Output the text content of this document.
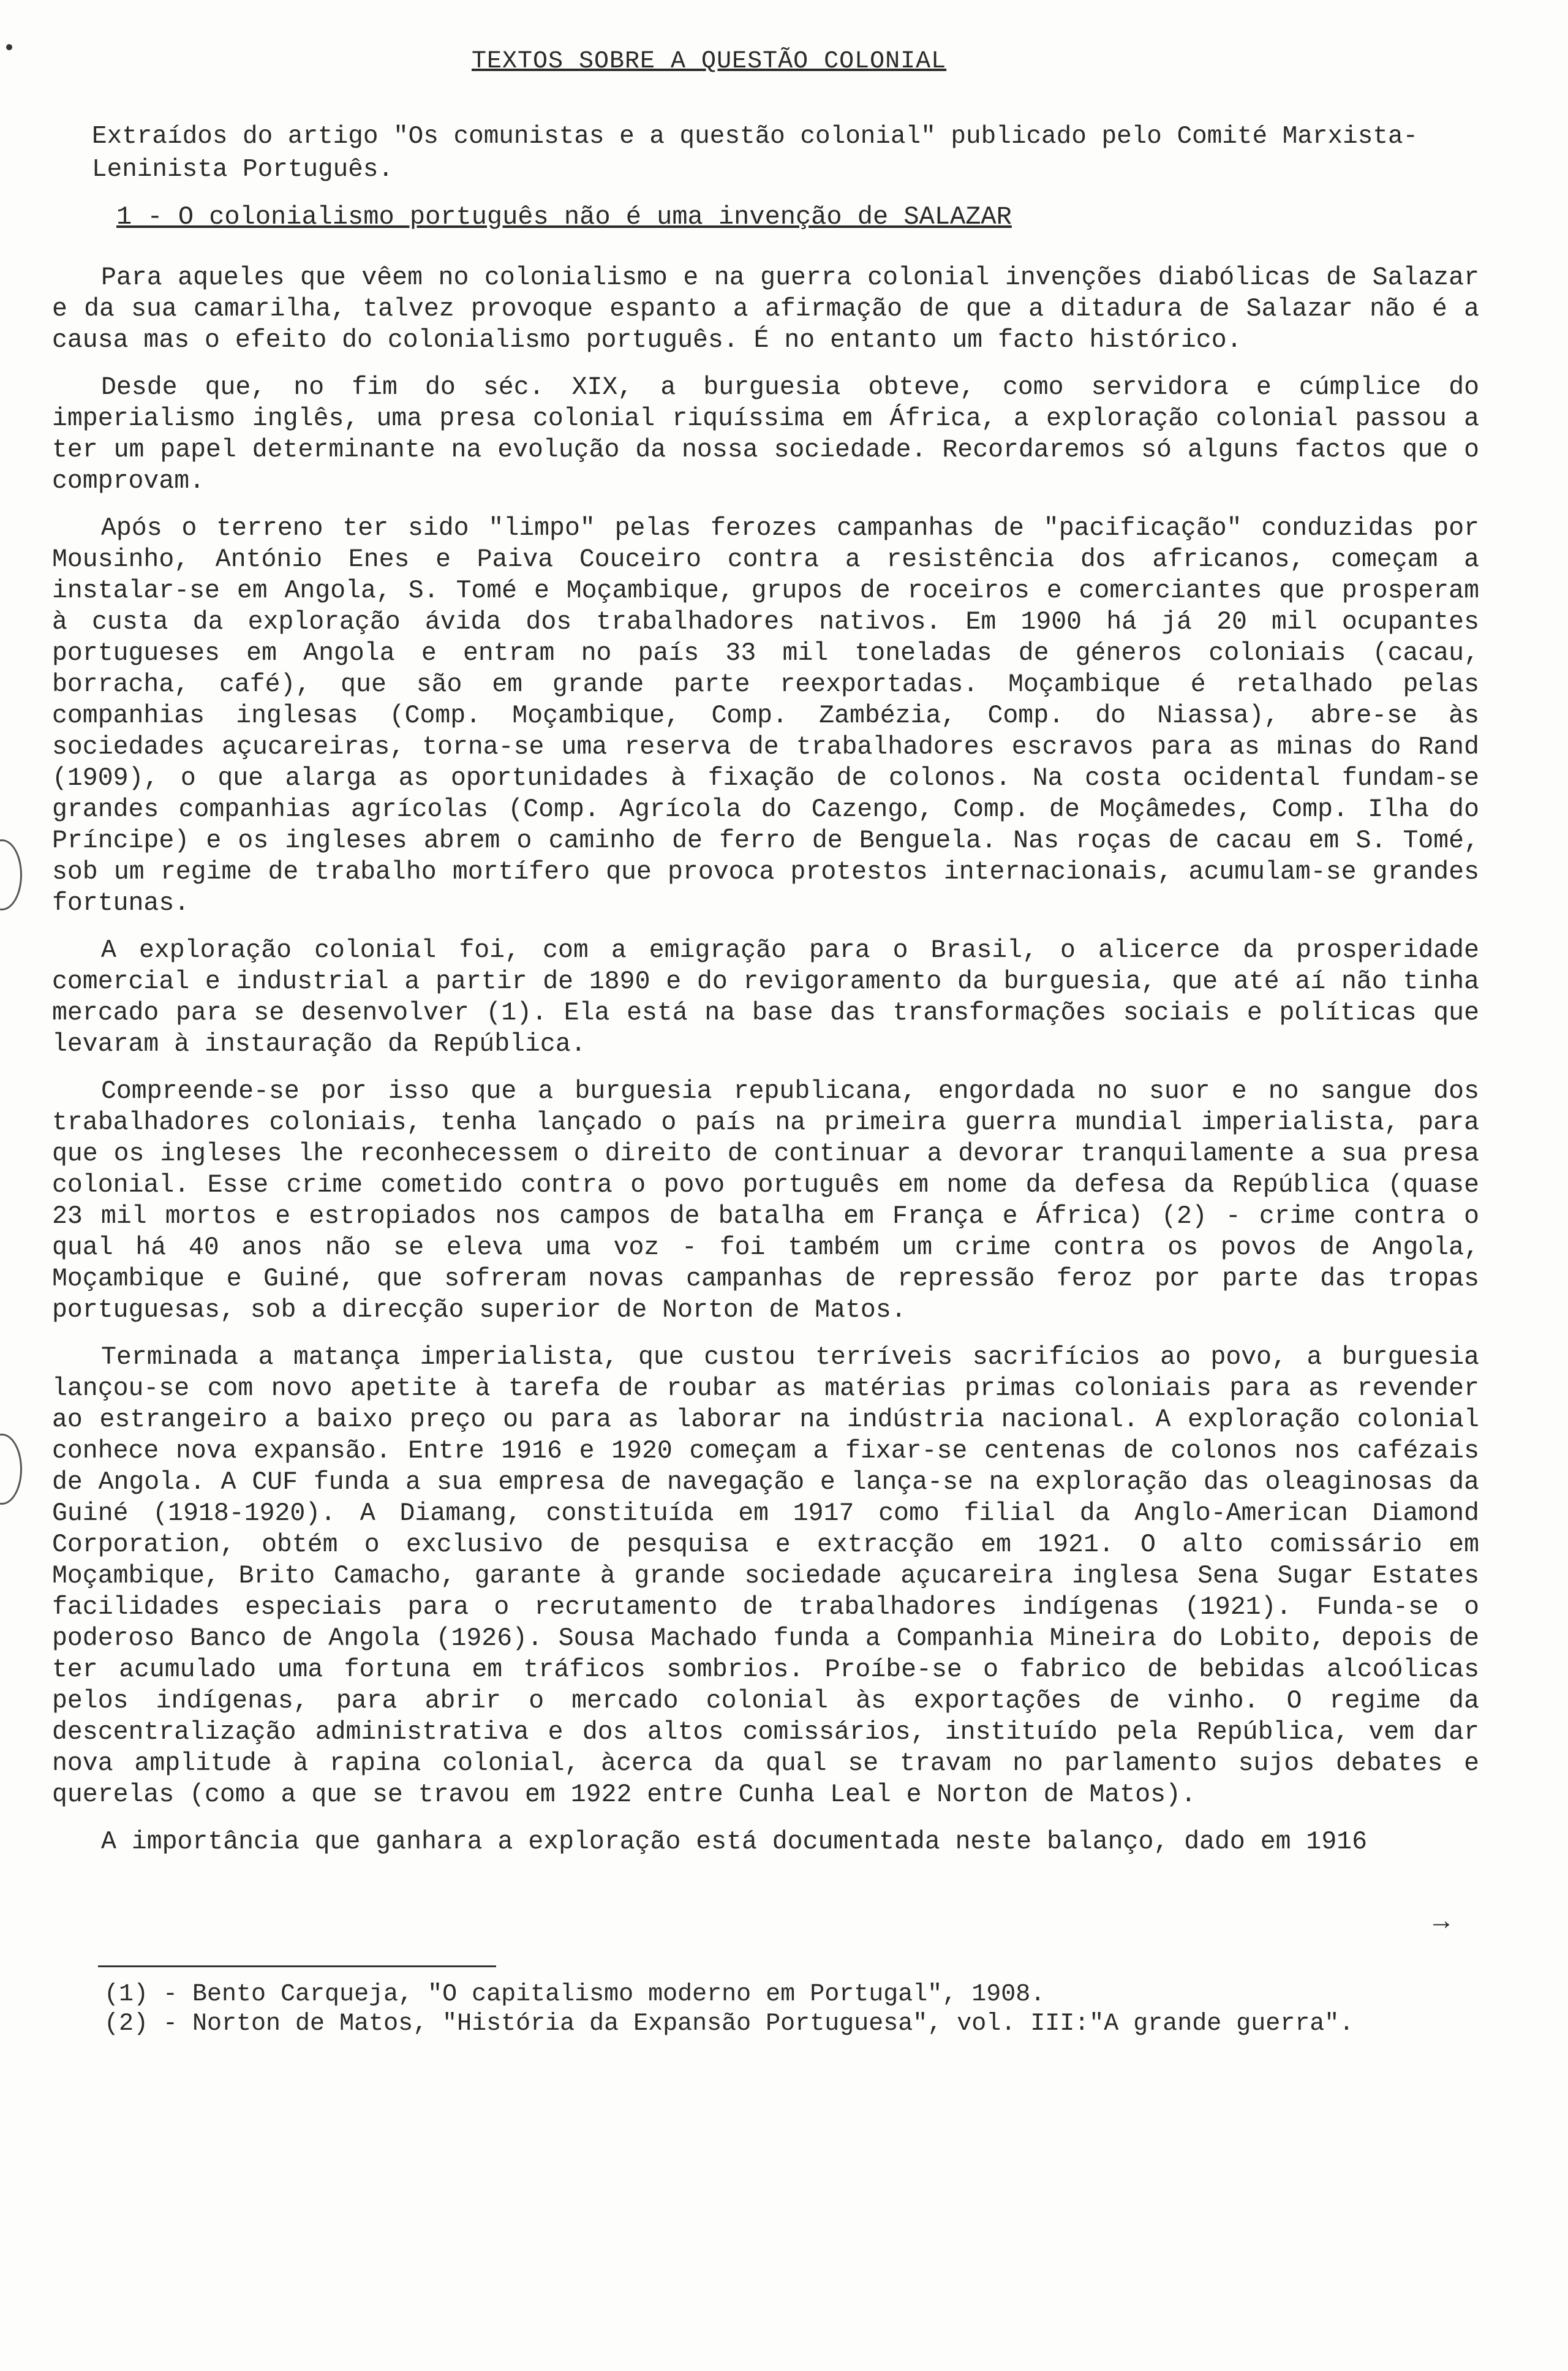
TEXTOS SOBRE A QUESTÃO COLONIAL
Extraídos do artigo "Os comunistas e a questão colonial" publicado pelo Comité Marxista-Leninista Português.
1 - O colonialismo português não é uma invenção de SALAZAR

Para aqueles que vêem no colonialismo e na guerra colonial invenções diabólicas de Salazar e da sua camarilha, talvez provoque espanto a afirmação de que a ditadura de Salazar não é a causa mas o efeito do colonialismo português. É no entanto um facto histórico.

Desde que, no fim do séc. XIX, a burguesia obteve, como servidora e cúmplice do imperialismo inglês, uma presa colonial riquíssima em África, a exploração colonial passou a ter um papel determinante na evolução da nossa sociedade. Recordaremos só alguns factos que o comprovam.

Após o terreno ter sido "limpo" pelas ferozes campanhas de "pacificação" conduzidas por Mousinho, António Enes e Paiva Couceiro contra a resistência dos africanos, começam a instalar-se em Angola, S. Tomé e Moçambique, grupos de roceiros e comerciantes que prosperam à custa da exploração ávida dos trabalhadores nativos. Em 1900 há já 20 mil ocupantes portugueses em Angola e entram no país 33 mil toneladas de géneros coloniais (cacau, borracha, café), que são em grande parte reexportadas. Moçambique é retalhado pelas companhias inglesas (Comp. Moçambique, Comp. Zambézia, Comp. do Niassa), abre-se às sociedades açucareiras, torna-se uma reserva de trabalhadores escravos para as minas do Rand (1909), o que alarga as oportunidades à fixação de colonos. Na costa ocidental fundam-se grandes companhias agrícolas (Comp. Agrícola do Cazengo, Comp. de Moçâmedes, Comp. Ilha do Príncipe) e os ingleses abrem o caminho de ferro de Benguela. Nas roças de cacau em S. Tomé, sob um regime de trabalho mortífero que provoca protestos internacionais, acumulam-se grandes fortunas.

A exploração colonial foi, com a emigração para o Brasil, o alicerce da prosperidade comercial e industrial a partir de 1890 e do revigoramento da burguesia, que até aí não tinha mercado para se desenvolver (1). Ela está na base das transformações sociais e políticas que levaram à instauração da República.

Compreende-se por isso que a burguesia republicana, engordada no suor e no sangue dos trabalhadores coloniais, tenha lançado o país na primeira guerra mundial imperialista, para que os ingleses lhe reconhecessem o direito de continuar a devorar tranquilamente a sua presa colonial. Esse crime cometido contra o povo português em nome da defesa da República (quase 23 mil mortos e estropiados nos campos de batalha em França e África) (2) - crime contra o qual há 40 anos não se eleva uma voz - foi também um crime contra os povos de Angola, Moçambique e Guiné, que sofreram novas campanhas de repressão feroz por parte das tropas portuguesas, sob a direcção superior de Norton de Matos.

Terminada a matança imperialista, que custou terríveis sacrifícios ao povo, a burguesia lançou-se com novo apetite à tarefa de roubar as matérias primas coloniais para as revender ao estrangeiro a baixo preço ou para as laborar na indústria nacional. A exploração colonial conhece nova expansão. Entre 1916 e 1920 começam a fixar-se centenas de colonos nos cafézais de Angola. A CUF funda a sua empresa de navegação e lança-se na exploração das oleaginosas da Guiné (1918-1920). A Diamang, constituída em 1917 como filial da Anglo-American Diamond Corporation, obtém o exclusivo de pesquisa e extracção em 1921. O alto comissário em Moçambique, Brito Camacho, garante à grande sociedade açucareira inglesa Sena Sugar Estates facilidades especiais para o recrutamento de trabalhadores indígenas (1921). Funda-se o poderoso Banco de Angola (1926). Sousa Machado funda a Companhia Mineira do Lobito, depois de ter acumulado uma fortuna em tráficos sombrios. Proíbe-se o fabrico de bebidas alcoólicas pelos indígenas, para abrir o mercado colonial às exportações de vinho. O regime da descentralização administrativa e dos altos comissários, instituído pela República, vem dar nova amplitude à rapina colonial, àcerca da qual se travam no parlamento sujos debates e querelas (como a que se travou em 1922 entre Cunha Leal e Norton de Matos).

A importância que ganhara a exploração está documentada neste balanço, dado em 1916

→
(1) - Bento Carqueja, "O capitalismo moderno em Portugal", 1908.
(2) - Norton de Matos, "História da Expansão Portuguesa", vol. III:"A grande guerra".
